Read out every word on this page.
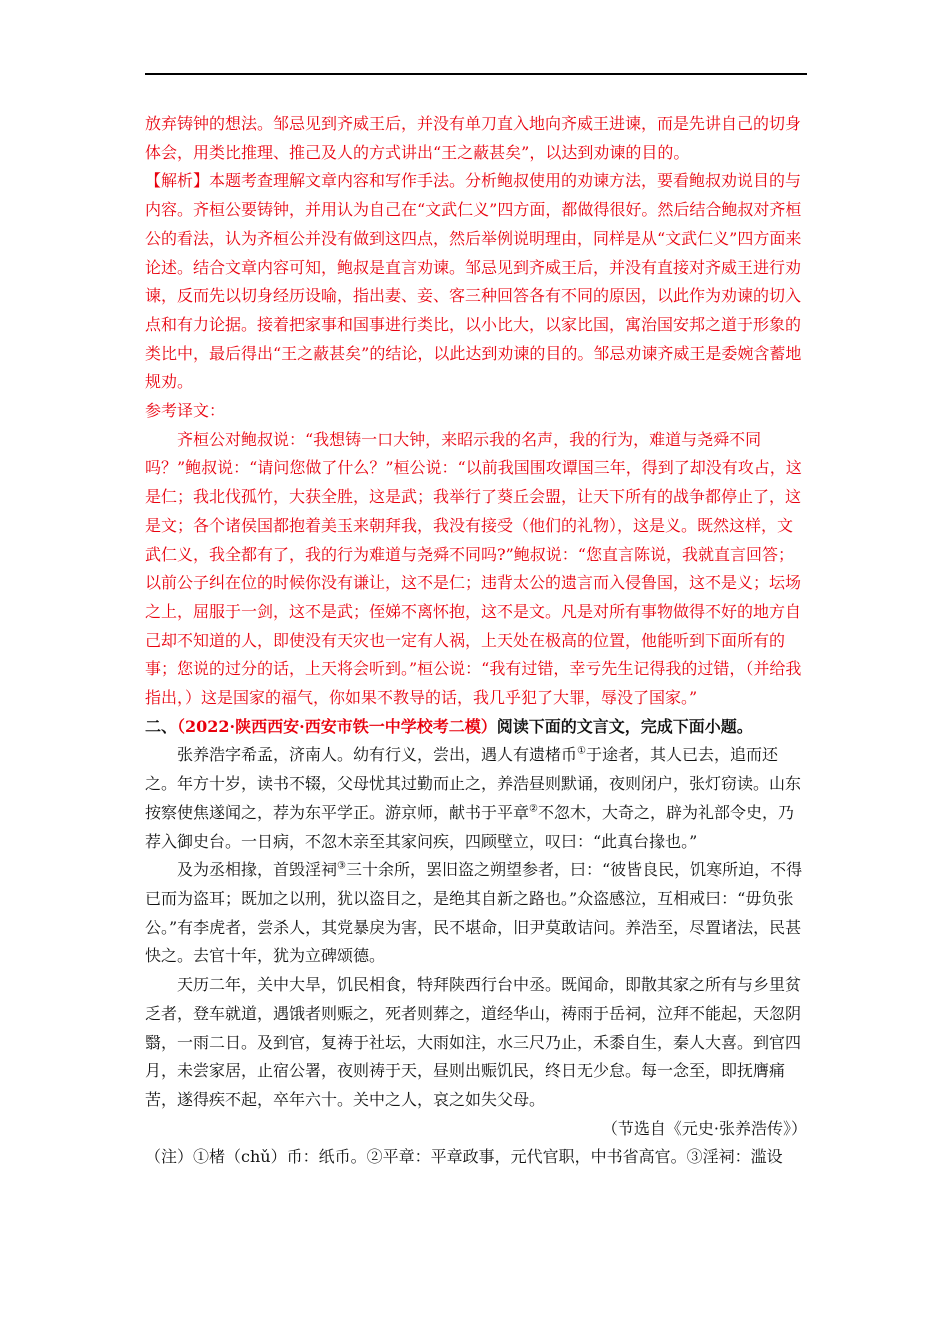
放弃铸钟的想法。邹忌见到齐威王后，并没有单刀直入地向齐威王进谏，而是先讲自己的切身体会，用类比推理、推己及人的方式讲出“王之蔽甚矣”，以达到劝谏的目的。

【解析】本题考查理解文章内容和写作手法。分析鲍叔使用的劝谏方法，要看鲍叔劝说目的与内容。齐桓公要铸钟，并用认为自己在“文武仁义”四方面，都做得很好。然后结合鲍叔对齐桓公的看法，认为齐桓公并没有做到这四点，然后举例说明理由，同样是从“文武仁义”四方面来论述。结合文章内容可知，鲍叔是直言劝谏。邹忌见到齐威王后，并没有直接对齐威王进行劝谏，反而先以切身经历设喻，指出妻、妾、客三种回答各有不同的原因，以此作为劝谏的切入点和有力论据。接着把家事和国事进行类比，以小比大，以家比国，寓治国安邦之道于形象的类比中，最后得出“王之蔽甚矣”的结论，以此达到劝谏的目的。邹忌劝谏齐威王是委婉含蓄地规劝。

参考译文：

齐桓公对鲍叔说：“我想铸一口大钟，来昭示我的名声，我的行为，难道与尧舜不同吗？”鲍叔说：“请问您做了什么？”桓公说：“以前我国围攻谭国三年，得到了却没有攻占，这是仁；我北伐孤竹，大获全胜，这是武；我举行了葵丘会盟，让天下所有的战争都停止了，这是文；各个诸侯国都抱着美玉来朝拜我，我没有接受（他们的礼物），这是义。既然这样，文武仁义，我全都有了，我的行为难道与尧舜不同吗?”鲍叔说：“您直言陈说，我就直言回答；以前公子纠在位的时候你没有谦让，这不是仁；违背太公的遗言而入侵鲁国，这不是义；坛场之上，屈服于一剑，这不是武；侄娣不离怀抱，这不是文。凡是对所有事物做得不好的地方自己却不知道的人，即使没有天灾也一定有人祸，上天处在极高的位置，他能听到下面所有的事；您说的过分的话，上天将会听到。”桓公说：“我有过错，幸亏先生记得我的过错，（并给我指出，）这是国家的福气，你如果不教导的话，我几乎犯了大罪，辱没了国家。”

二、（2022·陕西西安·西安市铁一中学校考二模）阅读下面的文言文，完成下面小题。

张养浩字希孟，济南人。幼有行义，尝出，遇人有遗楮币①于途者，其人已去，追而还之。年方十岁，读书不辍，父母忧其过勤而止之，养浩昼则默诵，夜则闭户，张灯窃读。山东按察使焦遂闻之，荐为东平学正。游京师，献书于平章②不忽木，大奇之，辟为礼部令史，乃荐入御史台。一日病，不忽木亲至其家问疾，四顾壁立，叹曰：“此真台掾也。”

及为丞相掾，首毁淫祠③三十余所，罢旧盗之朔望参者，曰：“彼皆良民，饥寒所迫，不得已而为盗耳；既加之以刑，犹以盗目之，是绝其自新之路也。”众盗感泣，互相戒曰：“毋负张公。”有李虎者，尝杀人，其党暴戾为害，民不堪命，旧尹莫敢诘问。养浩至，尽置诸法，民甚快之。去官十年，犹为立碑颂德。

天历二年，关中大旱，饥民相食，特拜陕西行台中丞。既闻命，即散其家之所有与乡里贫乏者，登车就道，遇饿者则赈之，死者则葬之，道经华山，祷雨于岳祠，泣拜不能起，天忽阴翳，一雨二日。及到官，复祷于社坛，大雨如注，水三尺乃止，禾黍自生，秦人大喜。到官四月，未尝家居，止宿公署，夜则祷于天，昼则出赈饥民，终日无少怠。每一念至，即抚膺痛苦，遂得疾不起，卒年六十。关中之人，哀之如失父母。

（节选自《元史·张养浩传》）

（注）①楮（chǔ）币：纸币。②平章：平章政事，元代官职，中书省高官。③淫祠：滥设
